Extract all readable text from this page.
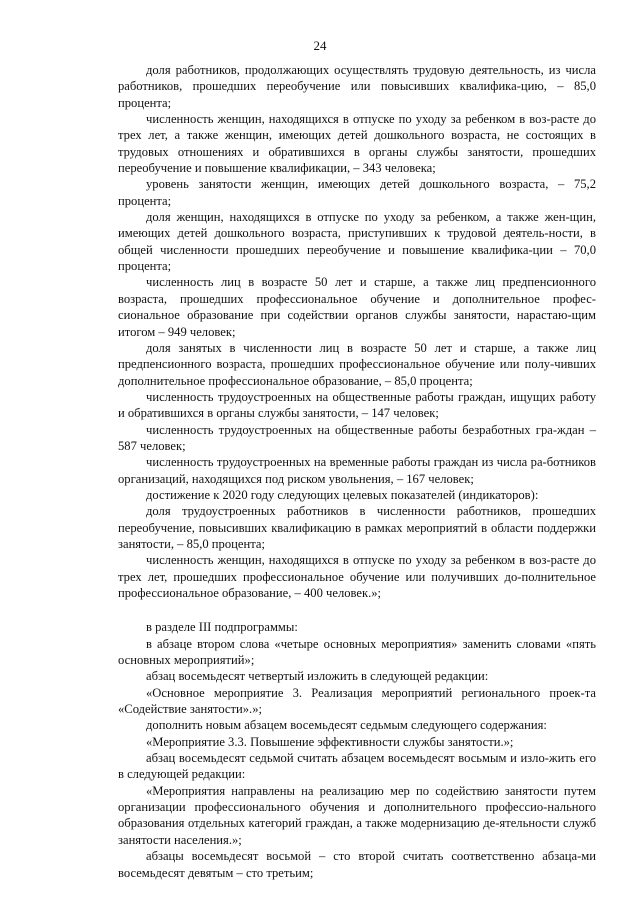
24

доля работников, продолжающих осуществлять трудовую деятельность, из числа работников, прошедших переобучение или повысивших квалифика-цию, – 85,0 процента;

численность женщин, находящихся в отпуске по уходу за ребенком в воз-расте до трех лет, а также женщин, имеющих детей дошкольного возраста, не состоящих в трудовых отношениях и обратившихся в органы службы занятости, прошедших переобучение и повышение квалификации, – 343 человека;

уровень занятости женщин, имеющих детей дошкольного возраста, – 75,2 процента;

доля женщин, находящихся в отпуске по уходу за ребенком, а также жен-щин, имеющих детей дошкольного возраста, приступивших к трудовой деятель-ности, в общей численности прошедших переобучение и повышение квалифика-ции – 70,0 процента;

численность лиц в возрасте 50 лет и старше, а также лиц предпенсионного возраста, прошедших профессиональное обучение и дополнительное профес-сиональное образование при содействии органов службы занятости, нарастаю-щим итогом – 949 человек;

доля занятых в численности лиц в возрасте 50 лет и старше, а также лиц предпенсионного возраста, прошедших профессиональное обучение или полу-чивших дополнительное профессиональное образование, – 85,0 процента;

численность трудоустроенных на общественные работы граждан, ищущих работу и обратившихся в органы службы занятости, – 147 человек;

численность трудоустроенных на общественные работы безработных гра-ждан – 587 человек;

численность трудоустроенных на временные работы граждан из числа ра-ботников организаций, находящихся под риском увольнения, – 167 человек;

достижение к 2020 году следующих целевых показателей (индикаторов):

доля трудоустроенных работников в численности работников, прошедших переобучение, повысивших квалификацию в рамках мероприятий в области поддержки занятости, – 85,0 процента;

численность женщин, находящихся в отпуске по уходу за ребенком в воз-расте до трех лет, прошедших профессиональное обучение или получивших до-полнительное профессиональное образование, – 400 человек.»;

в разделе III подпрограммы:

в абзаце втором слова «четыре основных мероприятия» заменить словами «пять основных мероприятий»;

абзац восемьдесят четвертый изложить в следующей редакции:

«Основное мероприятие 3. Реализация мероприятий регионального проек-та «Содействие занятости».»;

дополнить новым абзацем восемьдесят седьмым следующего содержания:

«Мероприятие 3.3. Повышение эффективности службы занятости.»;

абзац восемьдесят седьмой считать абзацем восемьдесят восьмым и изло-жить его в следующей редакции:

«Мероприятия направлены на реализацию мер по содействию занятости путем организации профессионального обучения и дополнительного профессио-нального образования отдельных категорий граждан, а также модернизацию де-ятельности служб занятости населения.»;

абзацы восемьдесят восьмой – сто второй считать соответственно абзаца-ми восемьдесят девятым – сто третьим;
